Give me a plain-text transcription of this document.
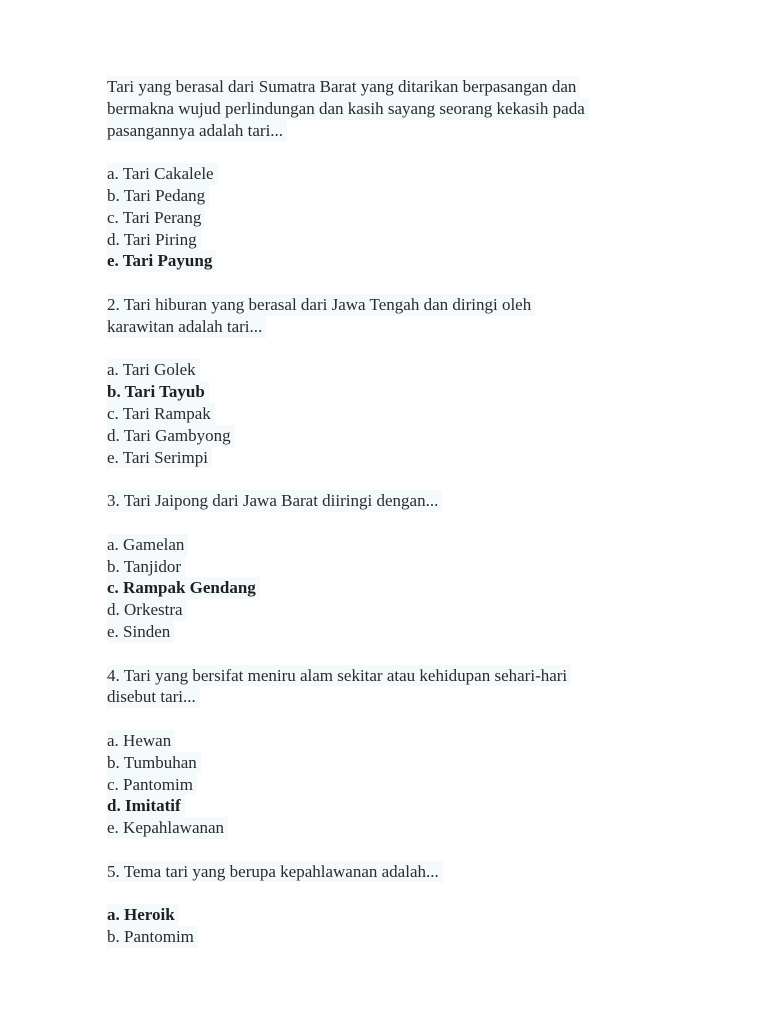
Tari yang berasal dari Sumatra Barat yang ditarikan berpasangan dan
bermakna wujud perlindungan dan kasih sayang seorang kekasih pada
pasangannya adalah tari...
a. Tari Cakalele
b. Tari Pedang
c. Tari Perang
d. Tari Piring
e. Tari Payung
2. Tari hiburan yang berasal dari Jawa Tengah dan diringi oleh
karawitan adalah tari...
a. Tari Golek
b. Tari Tayub
c. Tari Rampak
d. Tari Gambyong
e. Tari Serimpi
3. Tari Jaipong dari Jawa Barat diiringi dengan...
a. Gamelan
b. Tanjidor
c. Rampak Gendang
d. Orkestra
e. Sinden
4. Tari yang bersifat meniru alam sekitar atau kehidupan sehari-hari
disebut tari...
a. Hewan
b. Tumbuhan
c. Pantomim
d. Imitatif
e. Kepahlawanan
5. Tema tari yang berupa kepahlawanan adalah...
a. Heroik
b. Pantomim
